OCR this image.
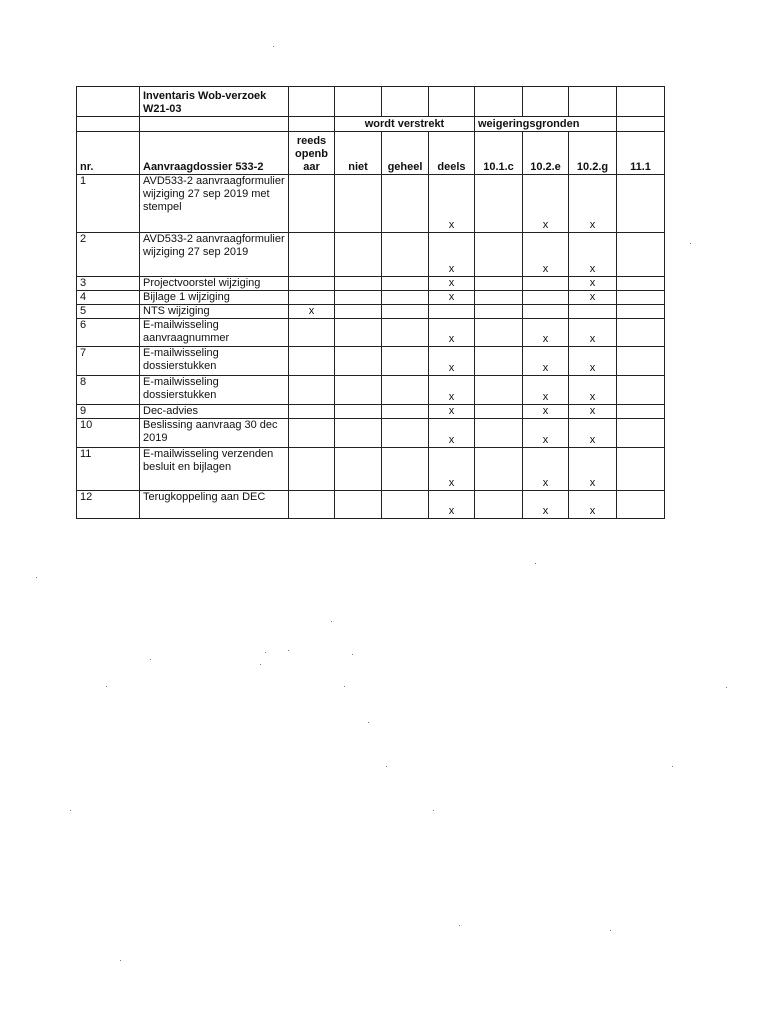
	Inventaris Wob-verzoek W21-03								
			wordt verstrekt			weigeringsgronden			
nr.	Aanvraagdossier 533-2	reeds openb aar	niet	geheel	deels	10.1.c	10.2.e	10.2.g	11.1
1	AVD533-2 aanvraagformulier wijziging 27 sep 2019 met stempel				x		x	x	
2	AVD533-2 aanvraagformulier wijziging 27 sep 2019				x		x	x	
3	Projectvoorstel wijziging				x			x	
4	Bijlage 1 wijziging				x			x	
5	NTS wijziging	x							
6	E-mailwisseling aanvraagnummer				x		x	x	
7	E-mailwisseling dossierstukken				x		x	x	
8	E-mailwisseling dossierstukken				x		x	x	
9	Dec-advies				x		x	x	
10	Beslissing aanvraag 30 dec 2019				x		x	x	
11	E-mailwisseling verzenden besluit en bijlagen				x		x	x	
12	Terugkoppeling aan DEC				x		x	x	
